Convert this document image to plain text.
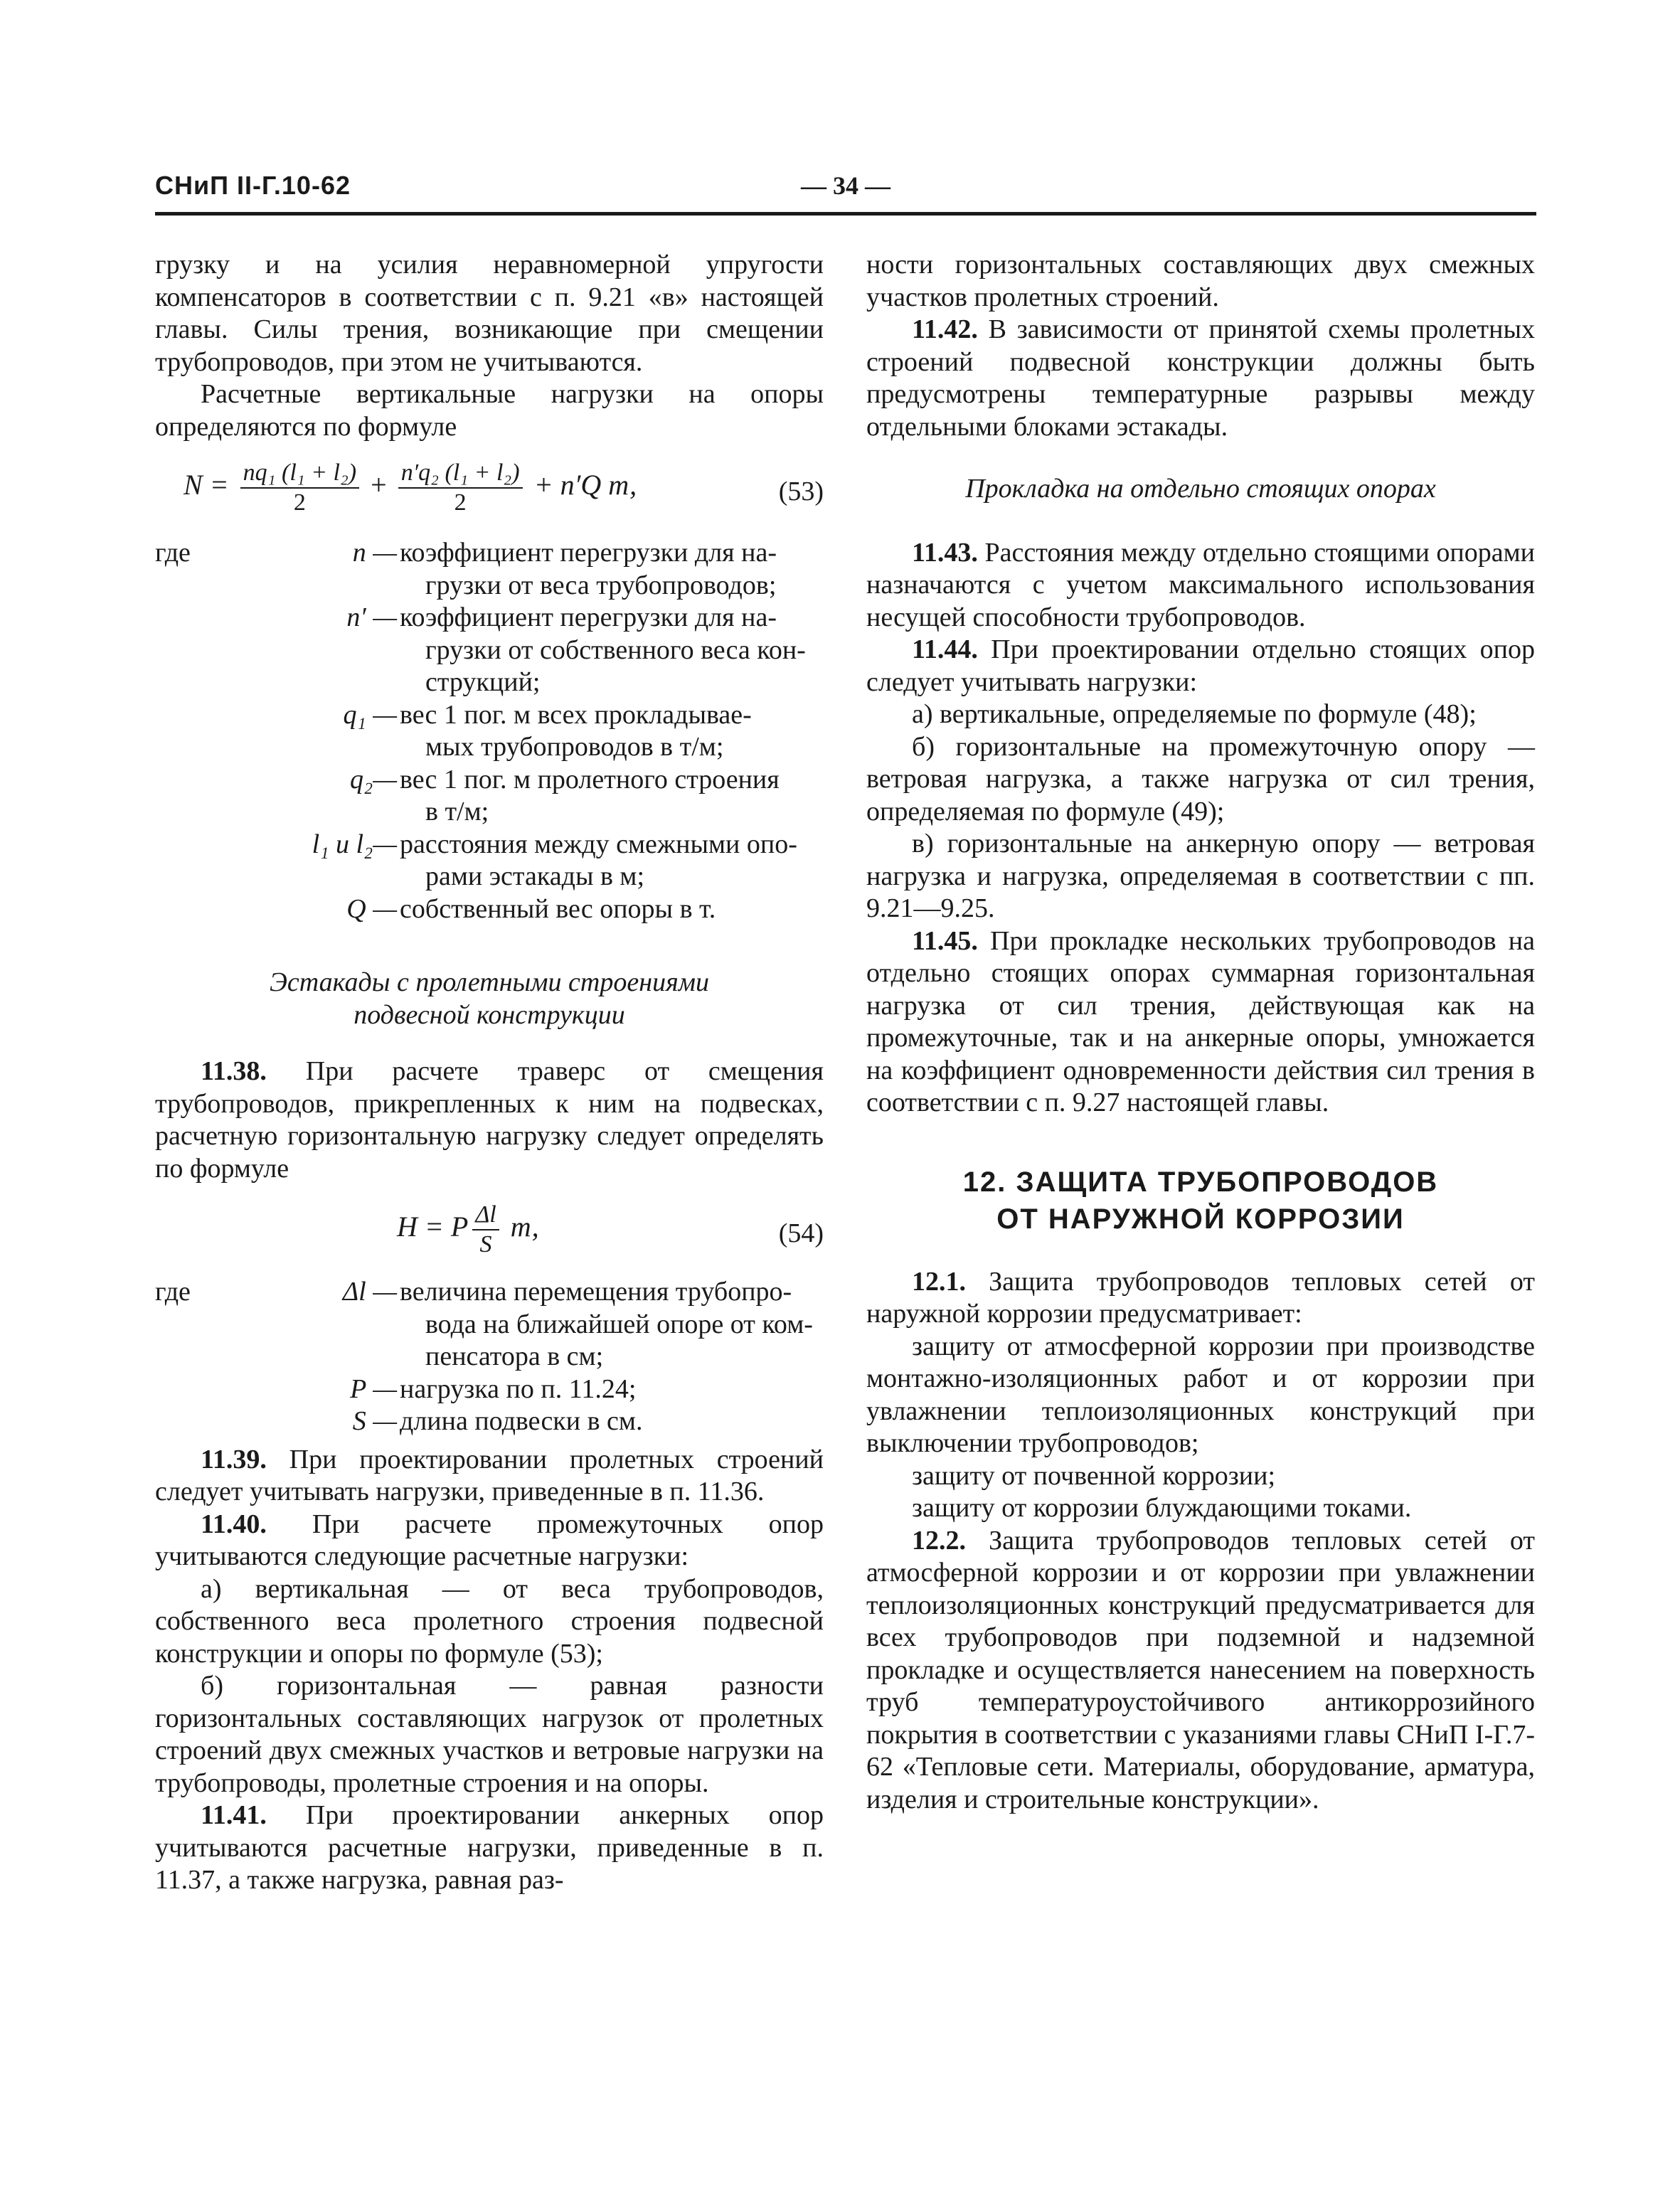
СНиП II-Г.10-62	— 34 —

грузку и на усилия неравномерной упругости компенсаторов в соответствии с п. 9.21 «в» настоящей главы. Силы трения, возникающие при смещении трубопроводов, при этом не учитываются.

Расчетные вертикальные нагрузки на опоры определяются по формуле

$N = \frac{\text{nq₁ (l₁ + l₂)}}{2} + \frac{\text{n′q₂ (l₁ + l₂)}}{2} + n'Q$ т,	(53)
где	n — коэффициент перегрузки для на-
грузки от веса трубопроводов;
n′ — коэффициент перегрузки для на-
грузки от собственного веса кон-
струкций;
q₁ — вес 1 пог. м всех прокладывае-
мых трубопроводов в т/м;
q₂— вес 1 пог. м пролетного строения
в т/м;
l₁ и l₂— расстояния между смежными опо-
рами эстакады в м;
Q — собственный вес опоры в т.

Эстакады с пролетными строениями подвесной конструкции

11.38. При расчете траверс от смещения трубопроводов, прикрепленных к ним на подвесках, расчетную горизонтальную нагрузку следует определять по формуле

H = P $\frac{\Delta l}{S} т$,	(54)
где	Δl — величина перемещения трубопро-
вода на ближайшей опоре от ком-
пенсатора в см;
P — нагрузка по п. 11.24;
S — длина подвески в см.

11.39. При проектировании пролетных строений следует учитывать нагрузки, приведенные в п. 11.36.

11.40. При расчете промежуточных опор учитываются следующие расчетные нагрузки:

а) вертикальная — от веса трубопроводов, собственного веса пролетного строения подвесной конструкции и опоры по формуле (53);

б) горизонтальная — равная разности горизонтальных составляющих нагрузок от пролетных строений двух смежных участков и ветровые нагрузки на трубопроводы, пролетные строения и на опоры.

11.41. При проектировании анкерных опор учитываются расчетные нагрузки, приведенные в п. 11.37, а также нагрузка, равная раз-

ности горизонтальных составляющих двух смежных участков пролетных строений.

11.42. В зависимости от принятой схемы пролетных строений подвесной конструкции должны быть предусмотрены температурные разрывы между отдельными блоками эстакады.

Прокладка на отдельно стоящих опорах

11.43. Расстояния между отдельно стоящими опорами назначаются с учетом максимального использования несущей способности трубопроводов.

11.44. При проектировании отдельно стоящих опор следует учитывать нагрузки:

а) вертикальные, определяемые по формуле (48);

б) горизонтальные на промежуточную опору — ветровая нагрузка, а также нагрузка от сил трения, определяемая по формуле (49);

в) горизонтальные на анкерную опору — ветровая нагрузка и нагрузка, определяемая в соответствии с пп. 9.21—9.25.

11.45. При прокладке нескольких трубопроводов на отдельно стоящих опорах суммарная горизонтальная нагрузка от сил трения, действующая как на промежуточные, так и на анкерные опоры, умножается на коэффициент одновременности действия сил трения в соответствии с п. 9.27 настоящей главы.

12. ЗАЩИТА ТРУБОПРОВОДОВ
ОТ НАРУЖНОЙ КОРРОЗИИ

12.1. Защита трубопроводов тепловых сетей от наружной коррозии предусматривает:

защиту от атмосферной коррозии при производстве монтажно-изоляционных работ и от коррозии при увлажнении теплоизоляционных конструкций при выключении трубопроводов;

защиту от почвенной коррозии;

защиту от коррозии блуждающими токами.

12.2. Защита трубопроводов тепловых сетей от атмосферной коррозии и от коррозии при увлажнении теплоизоляционных конструкций предусматривается для всех трубопроводов при подземной и надземной прокладке и осуществляется нанесением на поверхность труб температуроустойчивого антикоррозийного покрытия в соответствии с указаниями главы СНиП I-Г.7-62 «Тепловые сети. Материалы, оборудование, арматура, изделия и строительные конструкции».
